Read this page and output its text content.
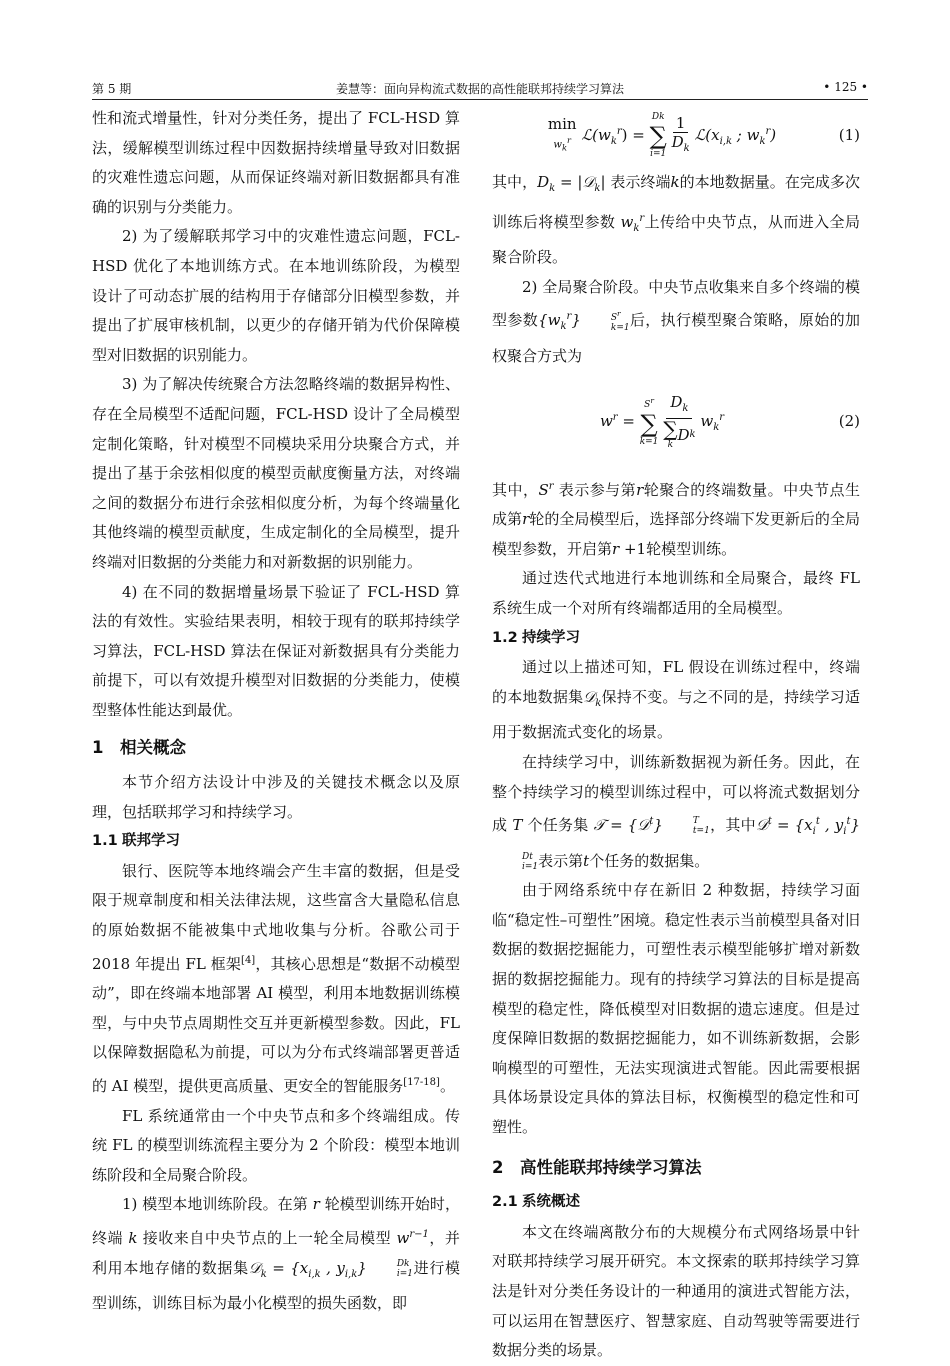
第 5 期	姜慧等：面向异构流式数据的高性能联邦持续学习算法	• 125 •

性和流式增量性，针对分类任务，提出了 FCL-HSD 算法，缓解模型训练过程中因数据持续增量导致对旧数据的灾难性遗忘问题，从而保证终端对新旧数据都具有准确的识别与分类能力。

2) 为了缓解联邦学习中的灾难性遗忘问题，FCL-HSD 优化了本地训练方式。在本地训练阶段，为模型设计了可动态扩展的结构用于存储部分旧模型参数，并提出了扩展审核机制，以更少的存储开销为代价保障模型对旧数据的识别能力。

3) 为了解决传统聚合方法忽略终端的数据异构性、存在全局模型不适配问题，FCL-HSD 设计了全局模型定制化策略，针对模型不同模块采用分块聚合方式，并提出了基于余弦相似度的模型贡献度衡量方法，对终端之间的数据分布进行余弦相似度分析，为每个终端量化其他终端的模型贡献度，生成定制化的全局模型，提升终端对旧数据的分类能力和对新数据的识别能力。

4) 在不同的数据增量场景下验证了 FCL-HSD 算法的有效性。实验结果表明，相较于现有的联邦持续学习算法，FCL-HSD 算法在保证对新数据具有分类能力前提下，可以有效提升模型对旧数据的分类能力，使模型整体性能达到最优。

1 相关概念

本节介绍方法设计中涉及的关键技术概念以及原理，包括联邦学习和持续学习。

1.1 联邦学习

银行、医院等本地终端会产生丰富的数据，但是受限于规章制度和相关法律法规，这些富含大量隐私信息的原始数据不能被集中式地收集与分析。谷歌公司于 2018 年提出 FL 框架[4]，其核心思想是“数据不动模型动”，即在终端本地部署 AI 模型，利用本地数据训练模型，与中央节点周期性交互并更新模型参数。因此，FL 以保障数据隐私为前提，可以为分布式终端部署更普适的 AI 模型，提供更高质量、更安全的智能服务[17-18]。

FL 系统通常由一个中央节点和多个终端组成。传统 FL 的模型训练流程主要分为 2 个阶段：模型本地训练阶段和全局聚合阶段。

1) 模型本地训练阶段。在第 r 轮模型训练开始时，终端 k 接收来自中央节点的上一轮全局模型 $w^{r-1}$，并利用本地存储的数据集𝒟$_k$ = {$x_{i,k}$ , $y_{i,k}$}	Dk
i=1 进行模型训练，训练目标为最小化模型的损失函数，即

min
$w_k^r$ $ℒ(w_k^r)$ =
Dk
∑
i=1
$\frac{1}{D_k}$ $ℒ(x_{i,k}$ ; $w_k^r$)	(1)

其中，$D_k$ = |𝒟$_k$| 表示终端k的本地数据量。在完成多次训练后将模型参数 $w_k^r$上传给中央节点，从而进入全局聚合阶段。

2) 全局聚合阶段。中央节点收集来自多个终端的模型参数$\{w_k^r\}$	$S^r$
k=1 后，执行模型聚合策略，原始的加权聚合方式为

$w^r$ =
$S^r$
∑
k=1
$D_k$
∑
k
D k $w_k^r$	(2)

其中，$S^r$ 表示参与第r轮聚合的终端数量。中央节点生成第r轮的全局模型后，选择部分终端下发更新后的全局模型参数，开启第r +1轮模型训练。

通过迭代式地进行本地训练和全局聚合，最终 FL 系统生成一个对所有终端都适用的全局模型。

1.2 持续学习

通过以上描述可知，FL 假设在训练过程中，终端的本地数据集𝒟$_k$保持不变。与之不同的是，持续学习适用于数据流式变化的场景。

在持续学习中，训练新数据视为新任务。因此，在整个持续学习的模型训练过程中，可以将流式数据划分成 T 个任务集 𝒯 = {𝒟$^t$}	T
t=1 ，其中𝒟$^t$ = {$x_i^t$ , $y_i^t$}
Dt
i=1 表示第t个任务的数据集。

由于网络系统中存在新旧 2 种数据，持续学习面临“稳定性–可塑性”困境。稳定性表示当前模型具备对旧数据的数据挖掘能力，可塑性表示模型能够扩增对新数据的数据挖掘能力。现有的持续学习算法的目标是提高模型的稳定性，降低模型对旧数据的遗忘速度。但是过度保障旧数据的数据挖掘能力，如不训练新数据，会影响模型的可塑性，无法实现演进式智能。因此需要根据具体场景设定具体的算法目标，权衡模型的稳定性和可塑性。

2 高性能联邦持续学习算法
2.1 系统概述

本文在终端离散分布的大规模分布式网络场景中针对联邦持续学习展开研究。本文探索的联邦持续学习算法是针对分类任务设计的一种通用的演进式智能方法，可以运用在智慧医疗、智慧家庭、自动驾驶等需要进行数据分类的场景。
